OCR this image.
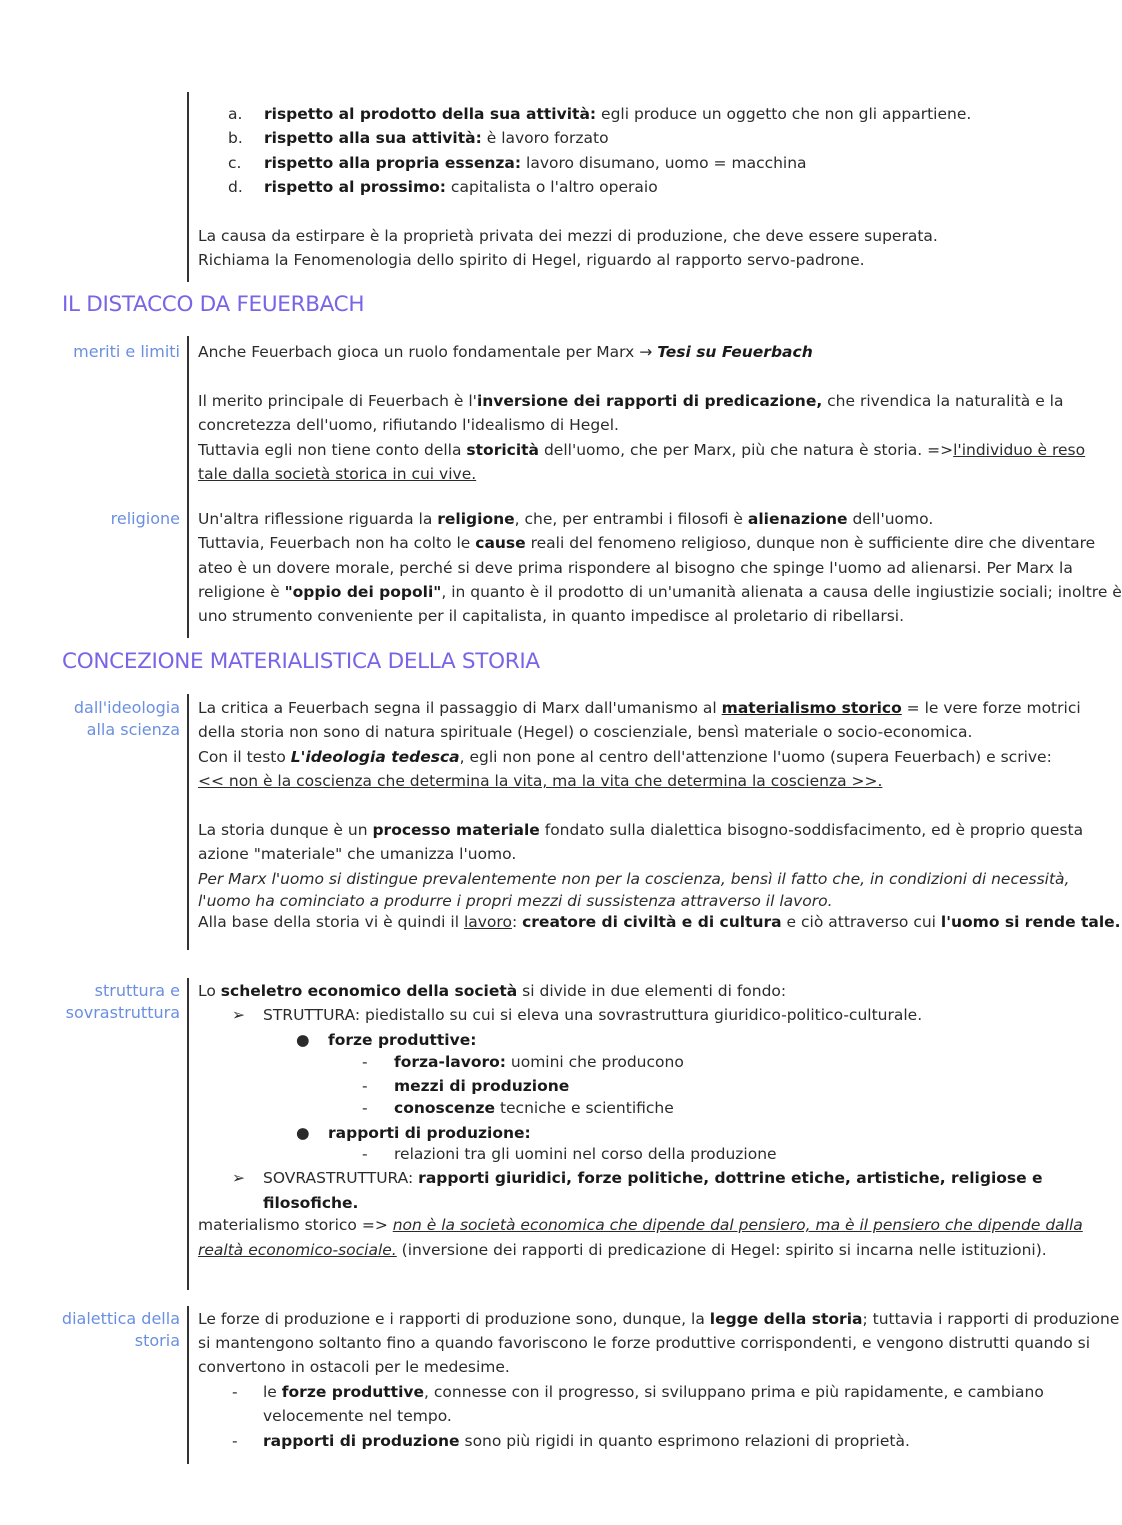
a. rispetto al prodotto della sua attività: egli produce un oggetto che non gli appartiene.
b. rispetto alla sua attività: è lavoro forzato
c. rispetto alla propria essenza: lavoro disumano, uomo = macchina
d. rispetto al prossimo: capitalista o l'altro operaio
La causa da estirpare è la proprietà privata dei mezzi di produzione, che deve essere superata.
Richiama la Fenomenologia dello spirito di Hegel, riguardo al rapporto servo-padrone.
IL DISTACCO DA FEUERBACH
meriti e limiti Anche Feuerbach gioca un ruolo fondamentale per Marx → Tesi su Feuerbach
Il merito principale di Feuerbach è l'inversione dei rapporti di predicazione, che rivendica la naturalità e la
concretezza dell'uomo, rifiutando l'idealismo di Hegel.
Tuttavia egli non tiene conto della storicità dell'uomo, che per Marx, più che natura è storia. =>l'individuo è reso
tale dalla società storica in cui vive.
religione Un'altra riflessione riguarda la religione, che, per entrambi i filosofi è alienazione dell'uomo.
Tuttavia, Feuerbach non ha colto le cause reali del fenomeno religioso, dunque non è sufficiente dire che diventare
ateo è un dovere morale, perché si deve prima rispondere al bisogno che spinge l'uomo ad alienarsi. Per Marx la
religione è "oppio dei popoli", in quanto è il prodotto di un'umanità alienata a causa delle ingiustizie sociali; inoltre è
uno strumento conveniente per il capitalista, in quanto impedisce al proletario di ribellarsi.
CONCEZIONE MATERIALISTICA DELLA STORIA
dall'ideologia
alla scienza
La critica a Feuerbach segna il passaggio di Marx dall'umanismo al materialismo storico = le vere forze motrici
della storia non sono di natura spirituale (Hegel) o coscienziale, bensì materiale o socio-economica.
Con il testo L'ideologia tedesca, egli non pone al centro dell'attenzione l'uomo (supera Feuerbach) e scrive:
<< non è la coscienza che determina la vita, ma la vita che determina la coscienza >>.
La storia dunque è un processo materiale fondato sulla dialettica bisogno-soddisfacimento, ed è proprio questa
azione "materiale" che umanizza l'uomo.
Per Marx l'uomo si distingue prevalentemente non per la coscienza, bensì il fatto che, in condizioni di necessità,
l'uomo ha cominciato a produrre i propri mezzi di sussistenza attraverso il lavoro.
Alla base della storia vi è quindi il lavoro: creatore di civiltà e di cultura e ciò attraverso cui l'uomo si rende tale.
struttura e
sovrastruttura
Lo scheletro economico della società si divide in due elementi di fondo:
➢ STRUTTURA: piedistallo su cui si eleva una sovrastruttura giuridico-politico-culturale.
● forze produttive:
- forza-lavoro: uomini che producono
- mezzi di produzione
- conoscenze tecniche e scientifiche
● rapporti di produzione:
- relazioni tra gli uomini nel corso della produzione
➢ SOVRASTRUTTURA: rapporti giuridici, forze politiche, dottrine etiche, artistiche, religiose e
filosofiche.
materialismo storico => non è la società economica che dipende dal pensiero, ma è il pensiero che dipende dalla
realtà economico-sociale. (inversione dei rapporti di predicazione di Hegel: spirito si incarna nelle istituzioni).
dialettica della
storia
Le forze di produzione e i rapporti di produzione sono, dunque, la legge della storia; tuttavia i rapporti di produzione
si mantengono soltanto fino a quando favoriscono le forze produttive corrispondenti, e vengono distrutti quando si
convertono in ostacoli per le medesime.
- le forze produttive, connesse con il progresso, si sviluppano prima e più rapidamente, e cambiano
velocemente nel tempo.
- rapporti di produzione sono più rigidi in quanto esprimono relazioni di proprietà.
